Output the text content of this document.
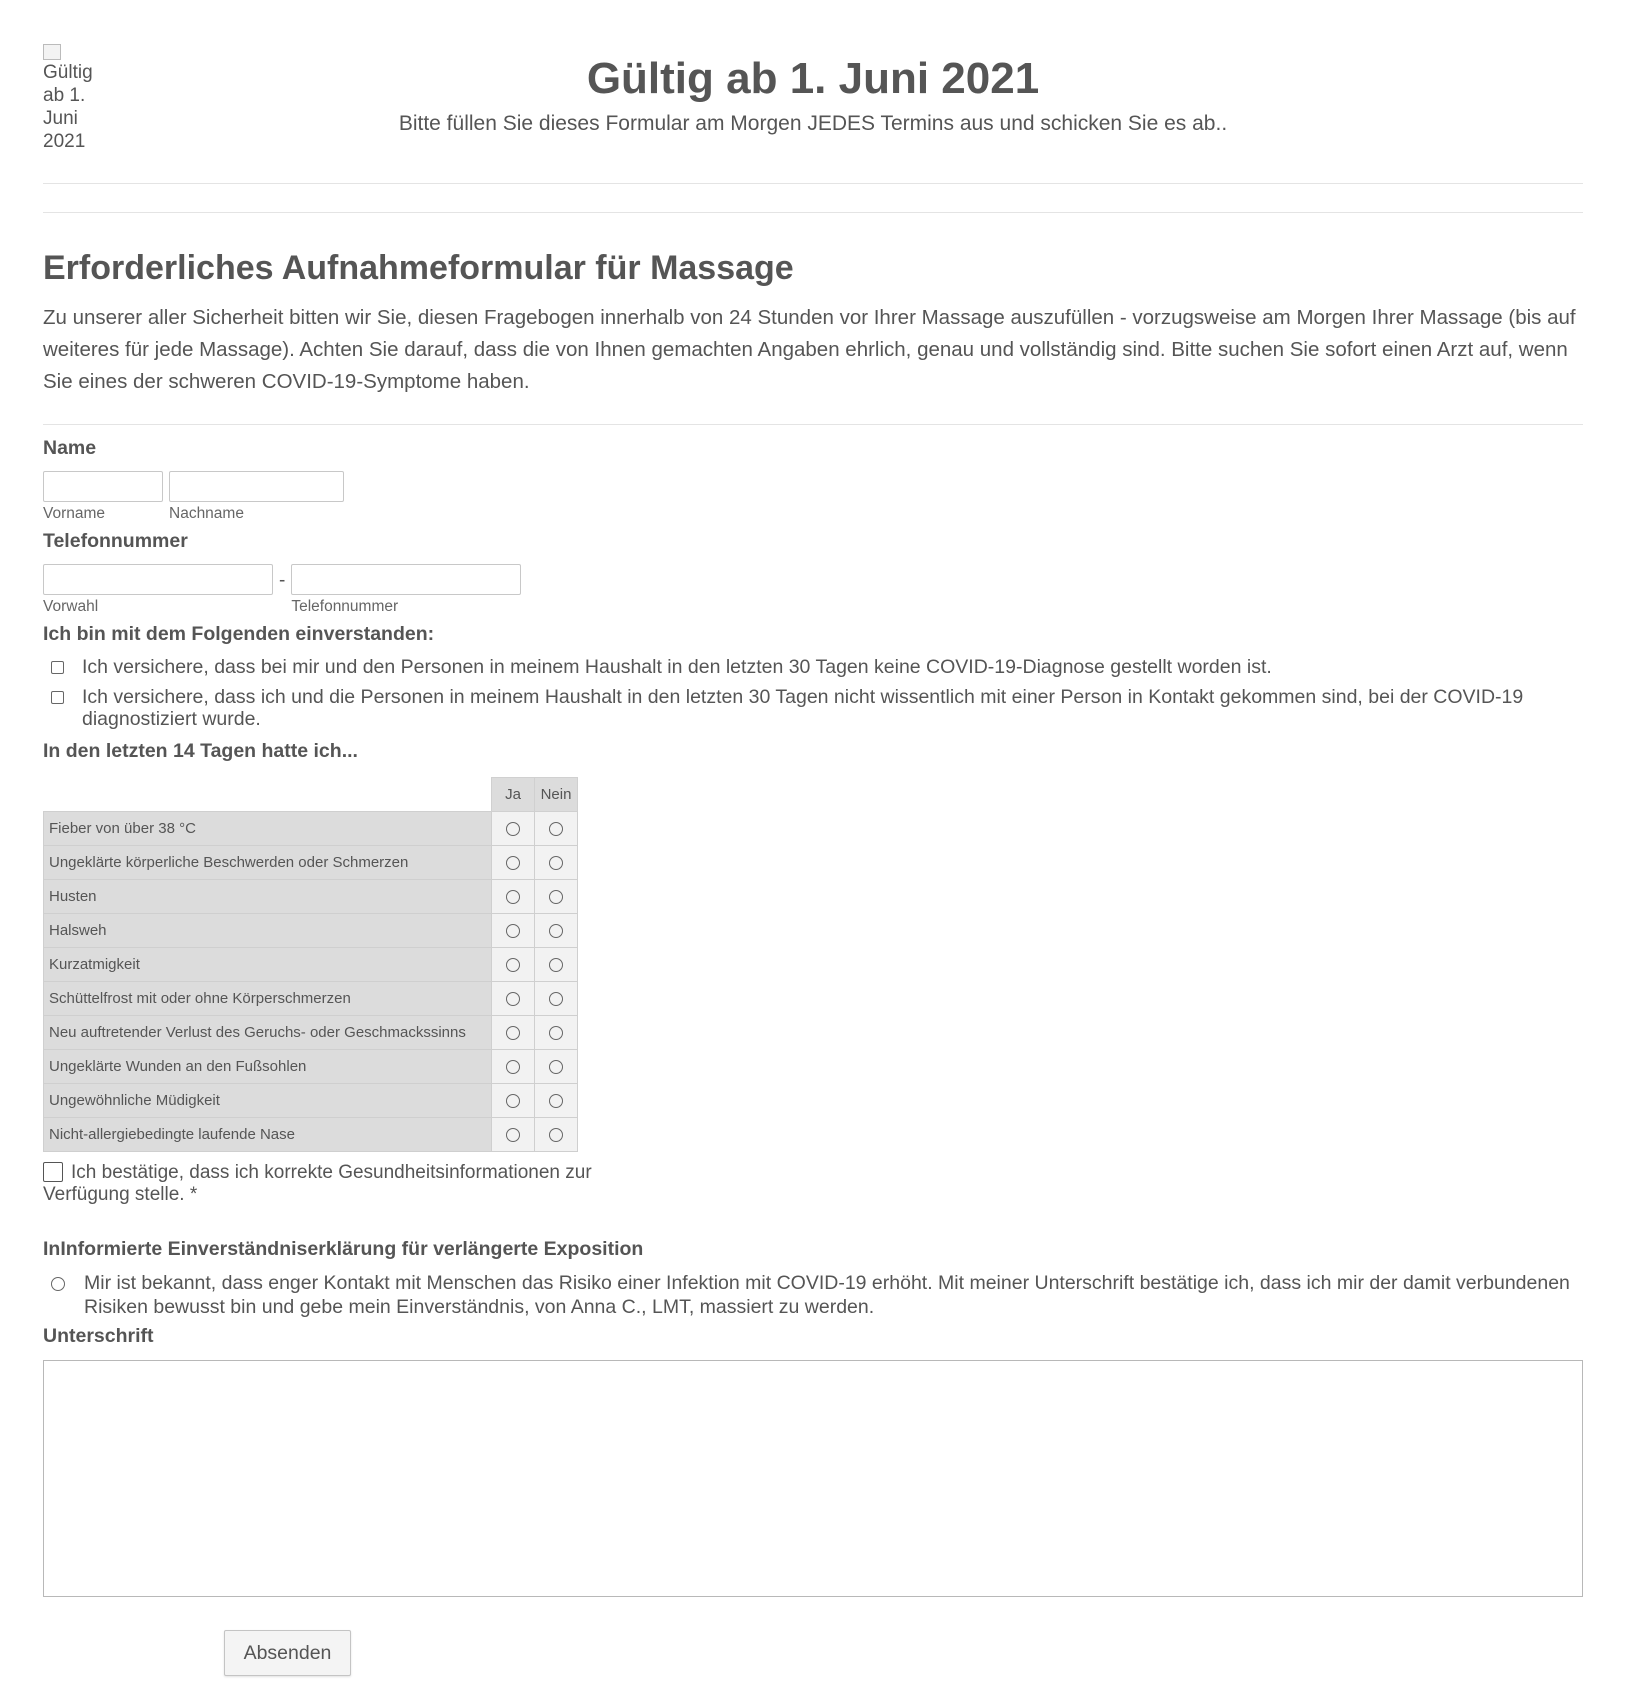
Gültig ab 1. Juni 2021
Gültig ab 1. Juni 2021
Bitte füllen Sie dieses Formular am Morgen JEDES Termins aus und schicken Sie es ab..
Erforderliches Aufnahmeformular für Massage
Zu unserer aller Sicherheit bitten wir Sie, diesen Fragebogen innerhalb von 24 Stunden vor Ihrer Massage auszufüllen - vorzugsweise am Morgen Ihrer Massage (bis auf weiteres für jede Massage). Achten Sie darauf, dass die von Ihnen gemachten Angaben ehrlich, genau und vollständig sind. Bitte suchen Sie sofort einen Arzt auf, wenn Sie eines der schweren COVID-19-Symptome haben.
Name
Vorname	Nachname
Telefonnummer
Vorwahl
-
Telefonnummer
Ich bin mit dem Folgenden einverstanden:
Ich versichere, dass bei mir und den Personen in meinem Haushalt in den letzten 30 Tagen keine COVID-19-Diagnose gestellt worden ist.
Ich versichere, dass ich und die Personen in meinem Haushalt in den letzten 30 Tagen nicht wissentlich mit einer Person in Kontakt gekommen sind, bei der COVID-19 diagnostiziert wurde.
In den letzten 14 Tagen hatte ich...
	Ja	Nein
Fieber von über 38 °C		
Ungeklärte körperliche Beschwerden oder Schmerzen		
Husten		
Halsweh		
Kurzatmigkeit		
Schüttelfrost mit oder ohne Körperschmerzen		
Neu auftretender Verlust des Geruchs- oder Geschmackssinns		
Ungeklärte Wunden an den Fußsohlen		
Ungewöhnliche Müdigkeit		
Nicht-allergiebedingte laufende Nase		
Ich bestätige, dass ich korrekte Gesundheitsinformationen zur Verfügung stelle. *
InInformierte Einverständniserklärung für verlängerte Exposition
Mir ist bekannt, dass enger Kontakt mit Menschen das Risiko einer Infektion mit COVID-19 erhöht. Mit meiner Unterschrift bestätige ich, dass ich mir der damit verbundenen Risiken bewusst bin und gebe mein Einverständnis, von Anna C., LMT, massiert zu werden.
Unterschrift
Absenden
